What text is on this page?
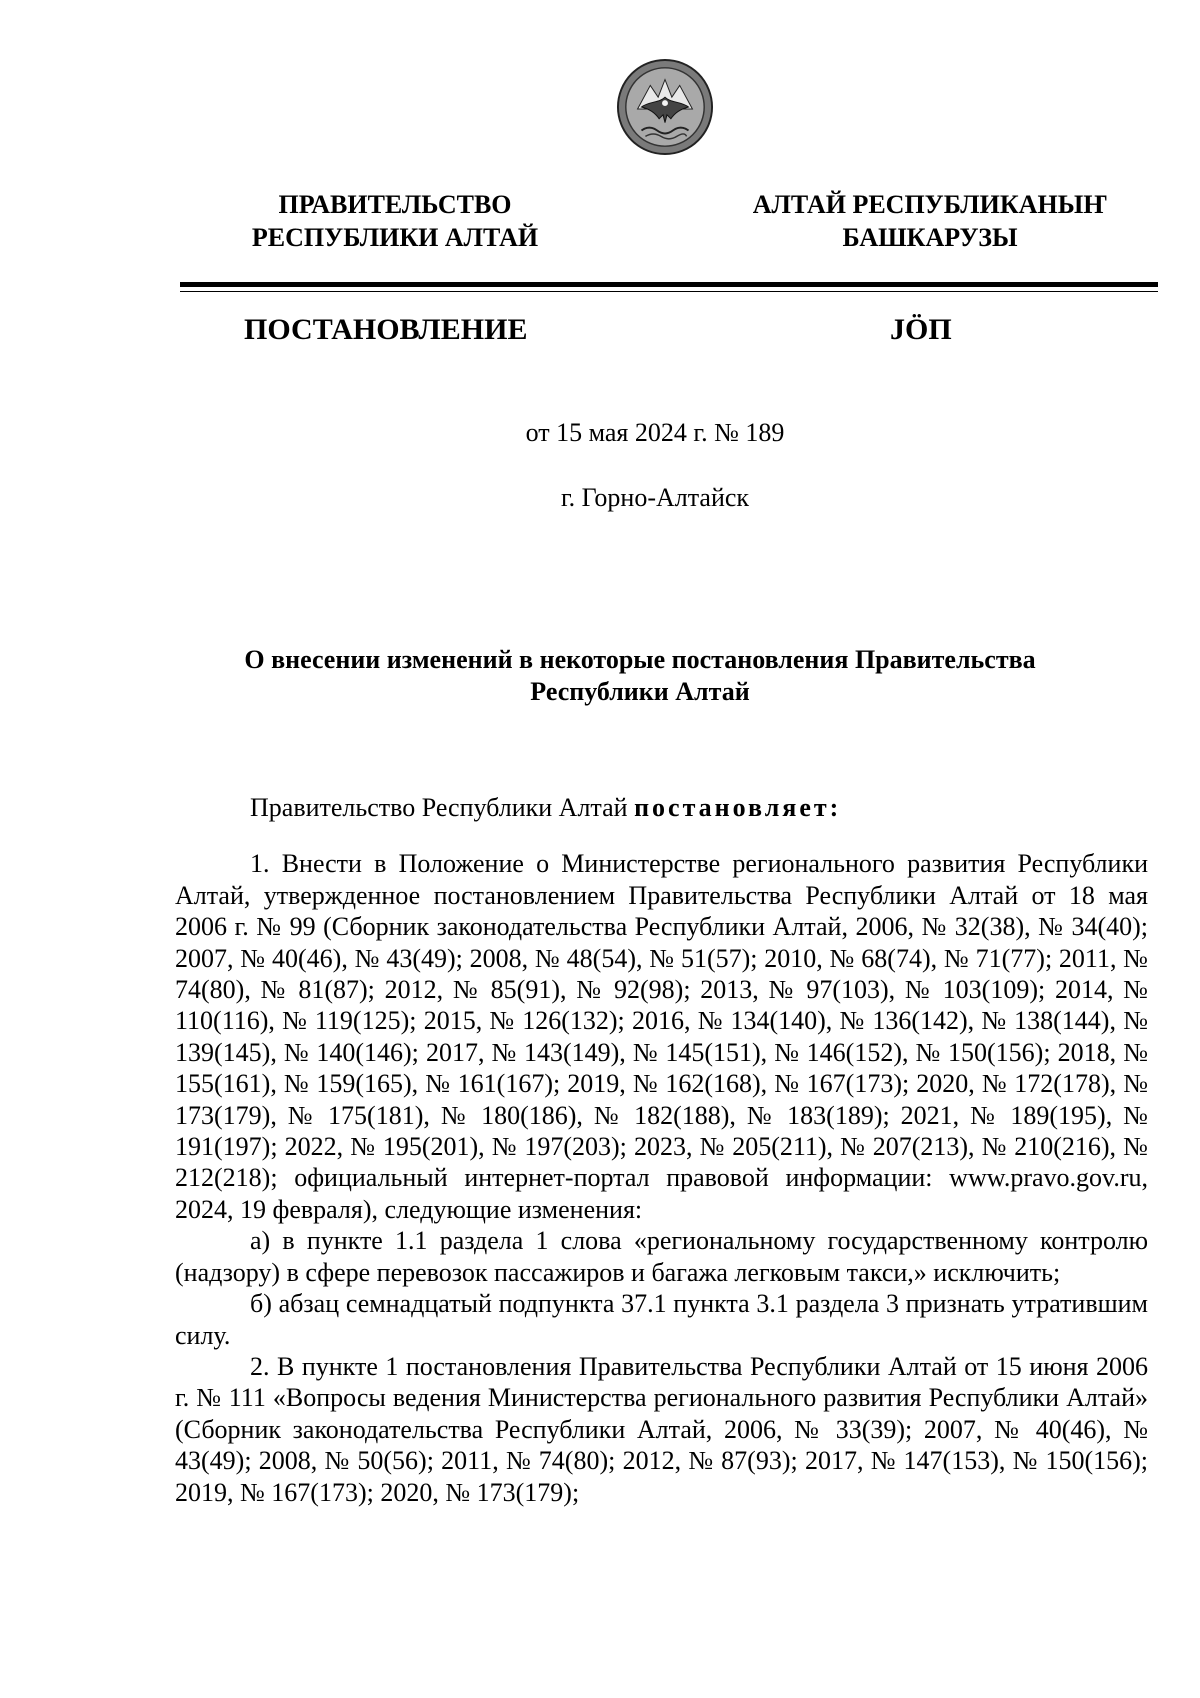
ПРАВИТЕЛЬСТВО
РЕСПУБЛИКИ АЛТАЙ
АЛТАЙ РЕСПУБЛИКАНЫҤ
БАШКАРУЗЫ
ПОСТАНОВЛЕНИЕ	JÖП
от 15 мая 2024 г. № 189
г. Горно-Алтайск
О внесении изменений в некоторые постановления Правительства
Республики Алтай

Правительство Республики Алтай постановляет:

1. Внести в Положение о Министерстве регионального развития Республики Алтай, утвержденное постановлением Правительства Республики Алтай от 18 мая 2006 г. № 99 (Сборник законодательства Республики Алтай, 2006, № 32(38), № 34(40); 2007, № 40(46), № 43(49); 2008, № 48(54), № 51(57); 2010, № 68(74), № 71(77); 2011, № 74(80), № 81(87); 2012, № 85(91), № 92(98); 2013, № 97(103), № 103(109); 2014, № 110(116), № 119(125); 2015, № 126(132); 2016, № 134(140), № 136(142), № 138(144), № 139(145), № 140(146); 2017, № 143(149), № 145(151), № 146(152), № 150(156); 2018, № 155(161), № 159(165), № 161(167); 2019, № 162(168), № 167(173); 2020, № 172(178), № 173(179), № 175(181), № 180(186), № 182(188), № 183(189); 2021, № 189(195), № 191(197); 2022, № 195(201), № 197(203); 2023, № 205(211), № 207(213), № 210(216), № 212(218); официальный интернет-портал правовой информации: www.pravo.gov.ru, 2024, 19 февраля), следующие изменения:

а) в пункте 1.1 раздела 1 слова «региональному государственному контролю (надзору) в сфере перевозок пассажиров и багажа легковым такси,» исключить;

б) абзац семнадцатый подпункта 37.1 пункта 3.1 раздела 3 признать утратившим силу.

2. В пункте 1 постановления Правительства Республики Алтай от 15 июня 2006 г. № 111 «Вопросы ведения Министерства регионального развития Республики Алтай» (Сборник законодательства Республики Алтай, 2006, № 33(39); 2007, № 40(46), № 43(49); 2008, № 50(56); 2011, № 74(80); 2012, № 87(93); 2017, № 147(153), № 150(156); 2019, № 167(173); 2020, № 173(179);
